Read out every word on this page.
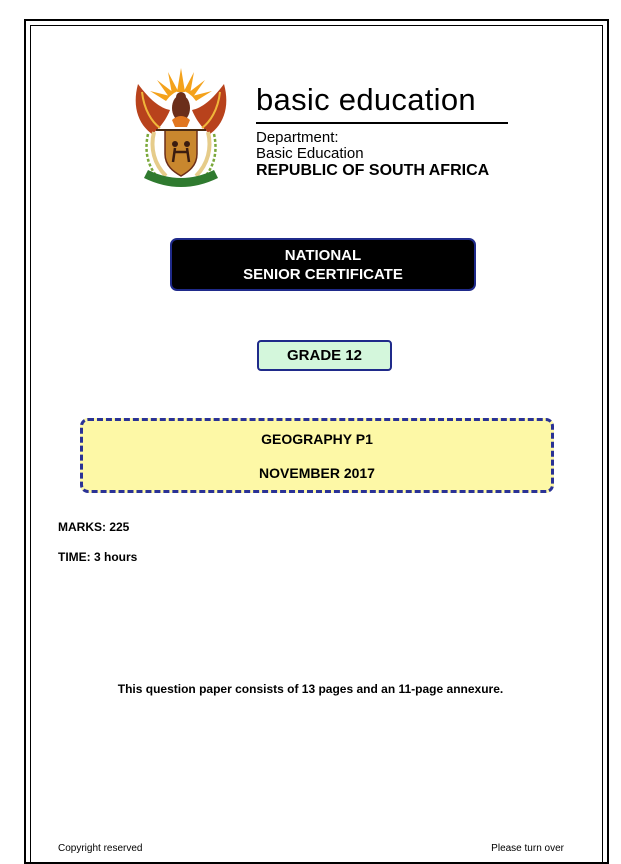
basic education
Department:
Basic Education
REPUBLIC OF SOUTH AFRICA
NATIONAL
SENIOR CERTIFICATE
GRADE 12
GEOGRAPHY P1
NOVEMBER 2017
MARKS: 225
TIME: 3 hours
This question paper consists of 13 pages and an 11-page annexure.
Copyright reserved	Please turn over
